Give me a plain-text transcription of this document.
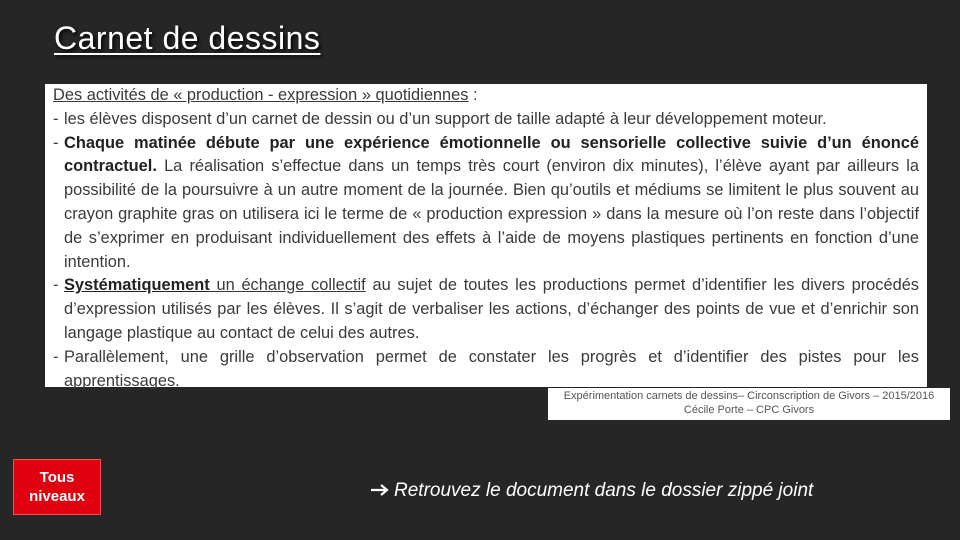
Carnet de dessins
Des activités de « production - expression » quotidiennes :
- les élèves disposent d’un carnet de dessin ou d’un support de taille adapté à leur développement moteur.
- Chaque matinée débute par une expérience émotionnelle ou sensorielle collective suivie d’un énoncé contractuel. La réalisation s’effectue dans un temps très court (environ dix minutes), l’élève ayant par ailleurs la possibilité de la poursuivre à un autre moment de la journée. Bien qu’outils et médiums se limitent le plus souvent au crayon graphite gras on utilisera ici le terme de « production expression » dans la mesure où l’on reste dans l’objectif de s’exprimer en produisant individuellement des effets à l’aide de moyens plastiques pertinents en fonction d’une intention.
- Systématiquement un échange collectif au sujet de toutes les productions permet d’identifier les divers procédés d’expression utilisés par les élèves. Il s’agit de verbaliser les actions, d’échanger des points de vue et d’enrichir son langage plastique au contact de celui des autres.
- Parallèlement, une grille d’observation permet de constater les progrès et d’identifier des pistes pour les apprentissages.
Expérimentation carnets de dessins– Circonscription de Givors – 2015/2016
Cécile Porte – CPC Givors
Tous
niveaux	Retrouvez le document dans le dossier zippé joint
